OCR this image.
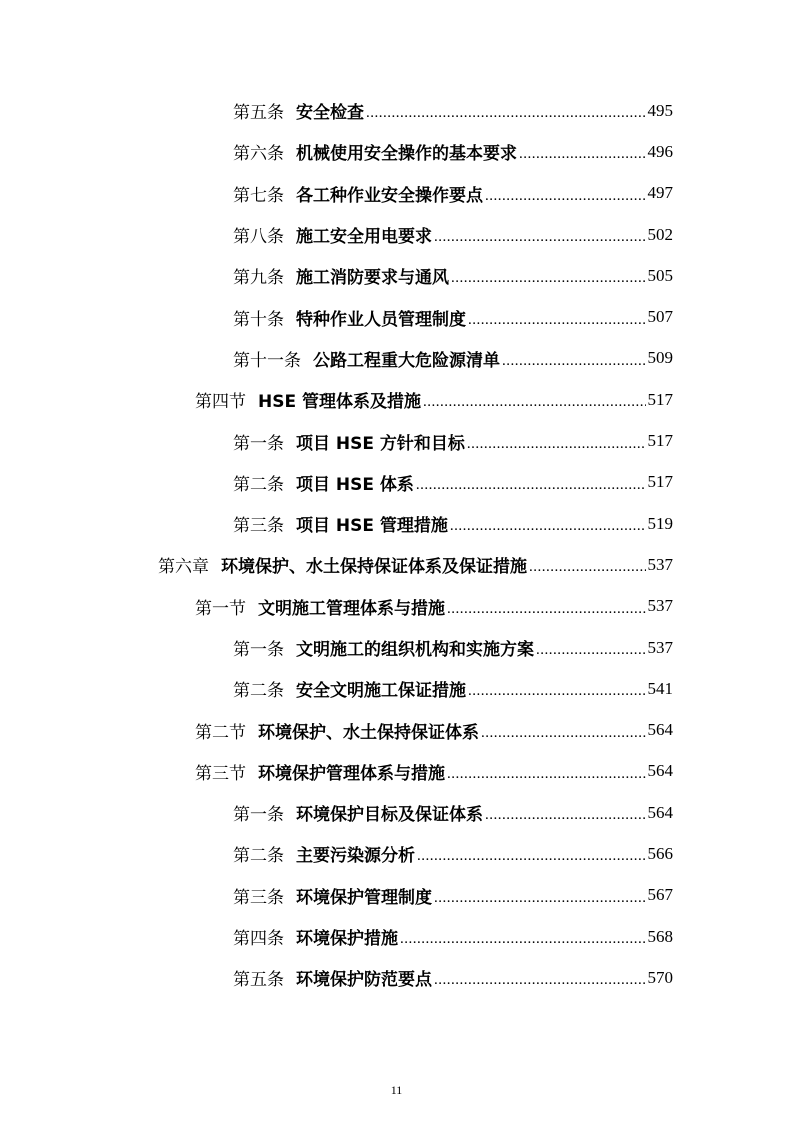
第五条 安全检查 .....	495
第六条 机械使用安全操作的基本要求 .....	496
第七条 各工种作业安全操作要点 .....	497
第八条 施工安全用电要求 .....	502
第九条 施工消防要求与通风 .....	505
第十条 特种作业人员管理制度 .....	507
第十一条 公路工程重大危险源清单 .....	509
第四节 HSE 管理体系及措施 .....	517
第一条 项目 HSE 方针和目标 .....	517
第二条 项目 HSE 体系 .....	517
第三条 项目 HSE 管理措施 .....	519
第六章 环境保护、水土保持保证体系及保证措施 .....	537
第一节 文明施工管理体系与措施 .....	537
第一条 文明施工的组织机构和实施方案 .....	537
第二条 安全文明施工保证措施 .....	541
第二节 环境保护、水土保持保证体系 .....	564
第三节 环境保护管理体系与措施 .....	564
第一条 环境保护目标及保证体系 .....	564
第二条 主要污染源分析 .....	566
第三条 环境保护管理制度 .....	567
第四条 环境保护措施 .....	568
第五条 环境保护防范要点 .....	570
11
